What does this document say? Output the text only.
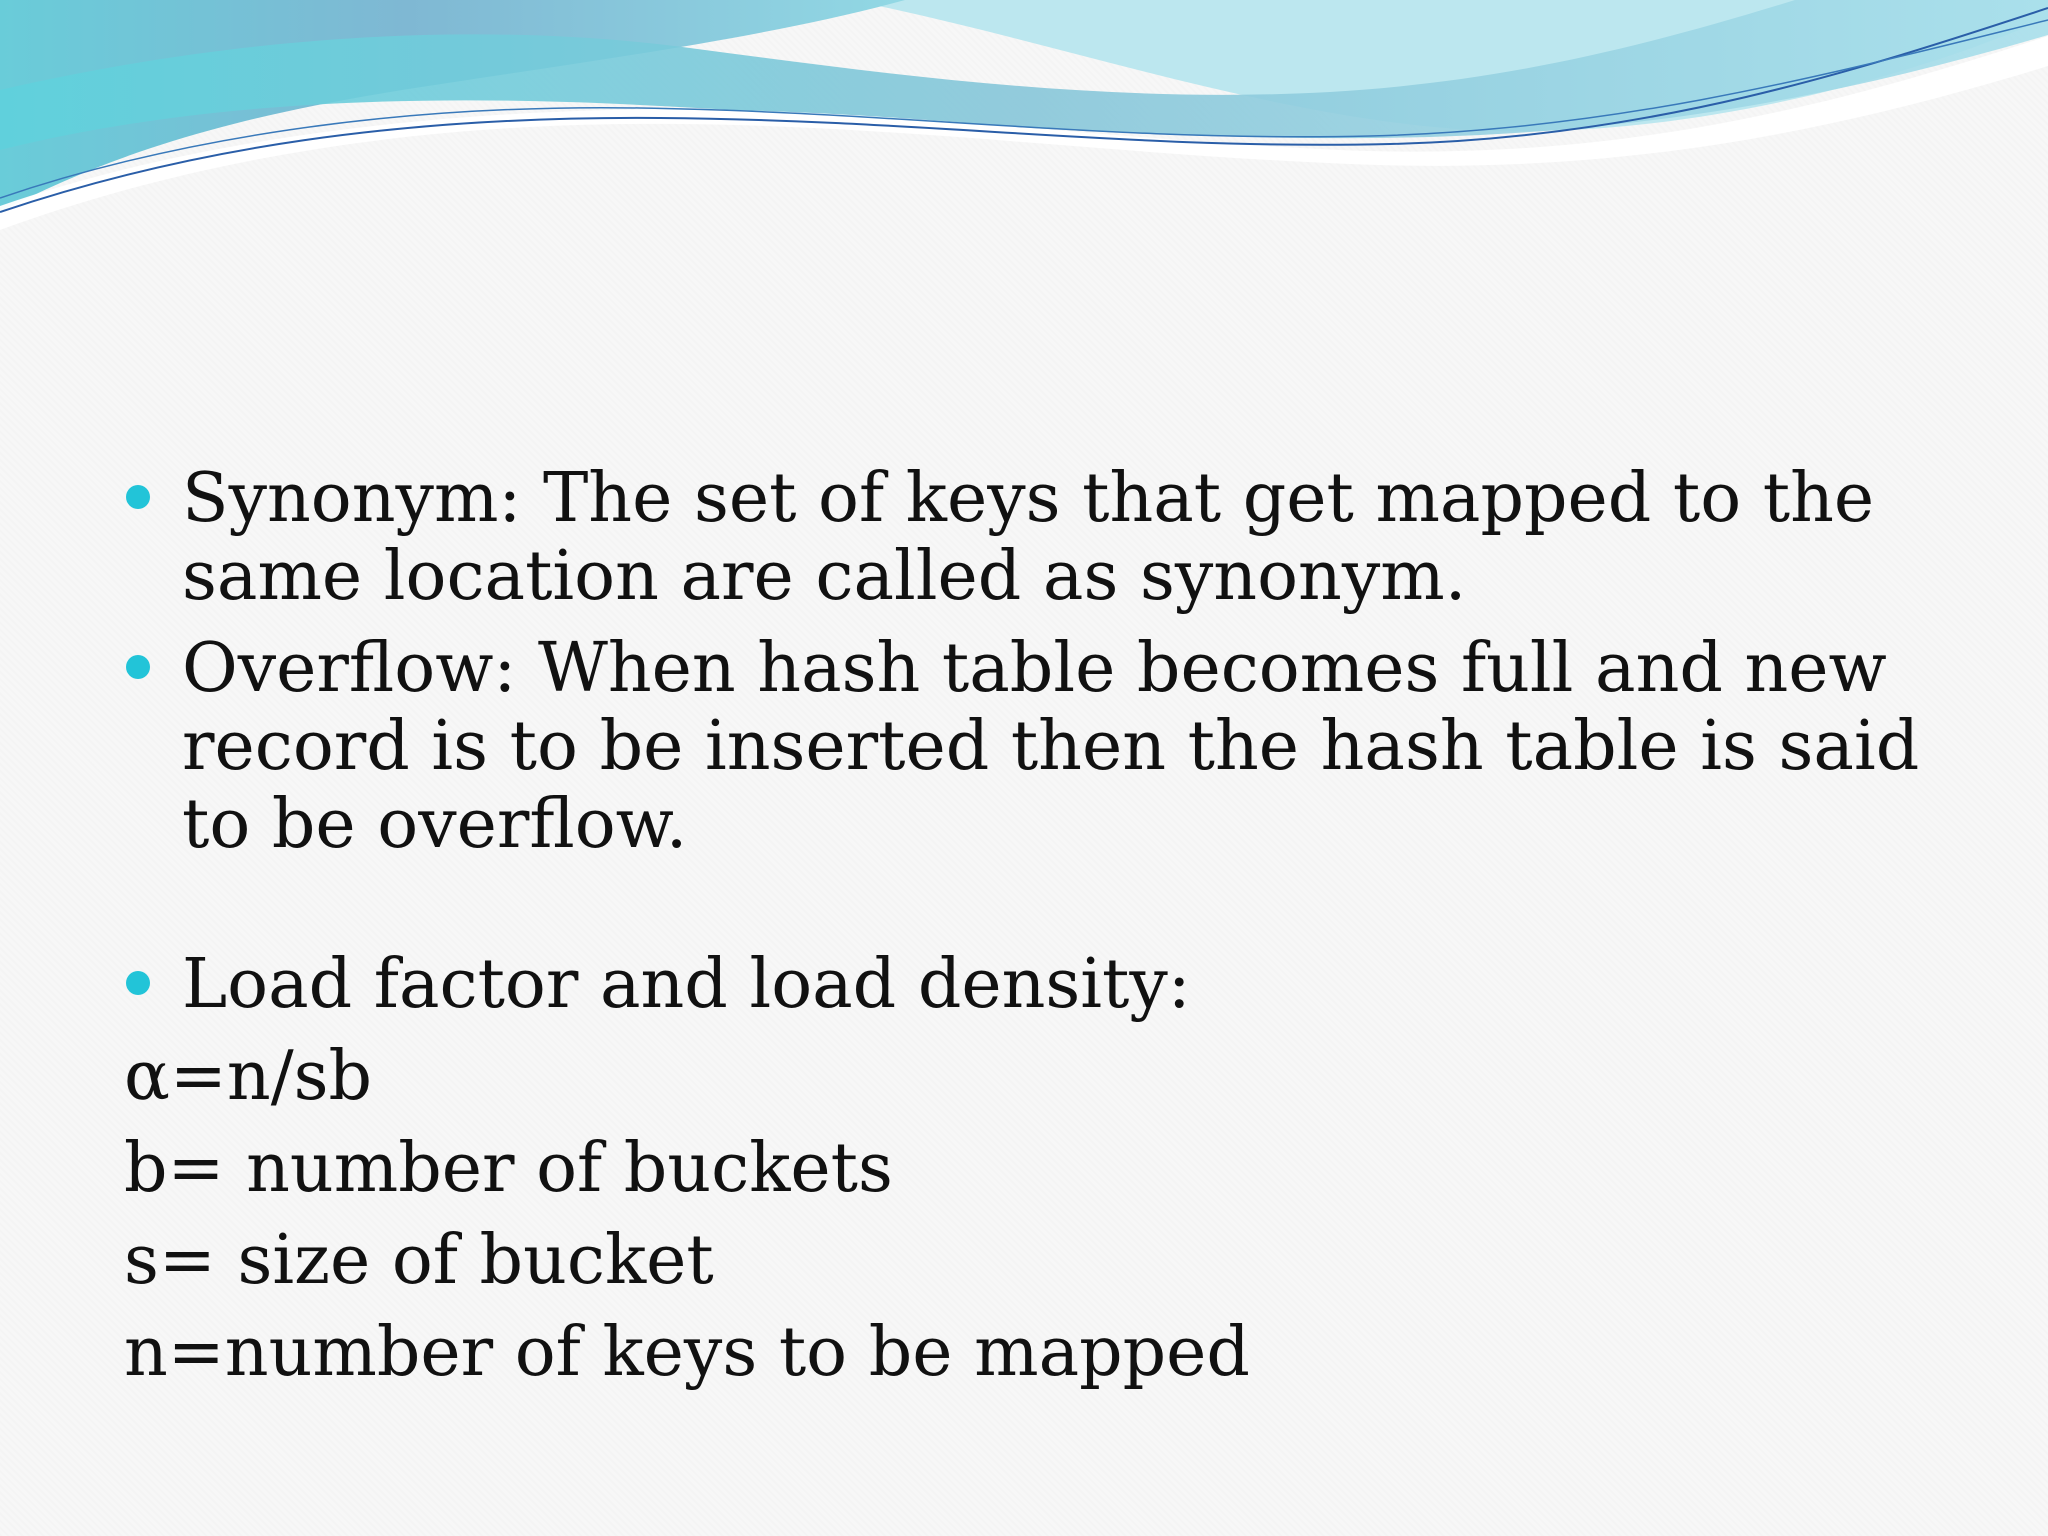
Synonym: The set of keys that get mapped to the same location are called as synonym.
Overflow: When hash table becomes full and new record is to be inserted then the hash table is said to be overflow.
Load factor and load density:
α=n/sb
b= number of buckets
s= size of bucket
n=number of keys to be mapped
